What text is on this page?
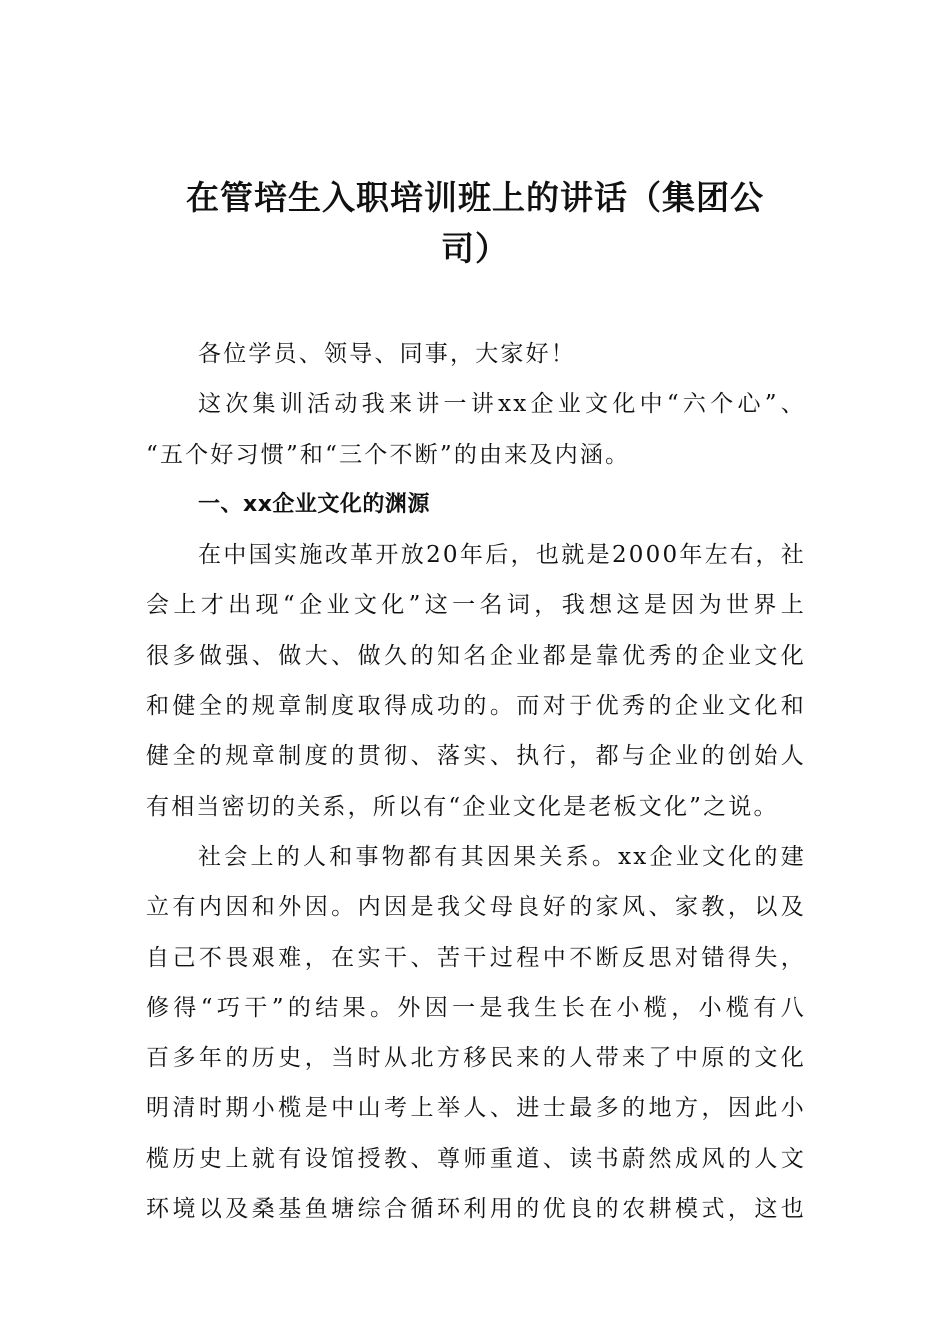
在管培生入职培训班上的讲话（集团公
司）

各位学员、领导、同事，大家好！

这次集训活动我来讲一讲xx企业文化中“六个心”、
“五个好习惯”和“三个不断”的由来及内涵。

一、xx企业文化的渊源

在中国实施改革开放20年后，也就是2000年左右，社
会上才出现“企业文化”这一名词，我想这是因为世界上
很多做强、做大、做久的知名企业都是靠优秀的企业文化
和健全的规章制度取得成功的。而对于优秀的企业文化和
健全的规章制度的贯彻、落实、执行，都与企业的创始人
有相当密切的关系，所以有“企业文化是老板文化”之说。

社会上的人和事物都有其因果关系。xx企业文化的建
立有内因和外因。内因是我父母良好的家风、家教，以及
自己不畏艰难，在实干、苦干过程中不断反思对错得失，
修得“巧干”的结果。外因一是我生长在小榄，小榄有八
百多年的历史，当时从北方移民来的人带来了中原的文化
明清时期小榄是中山考上举人、进士最多的地方，因此小
榄历史上就有设馆授教、尊师重道、读书蔚然成风的人文
环境以及桑基鱼塘综合循环利用的优良的农耕模式，这也
